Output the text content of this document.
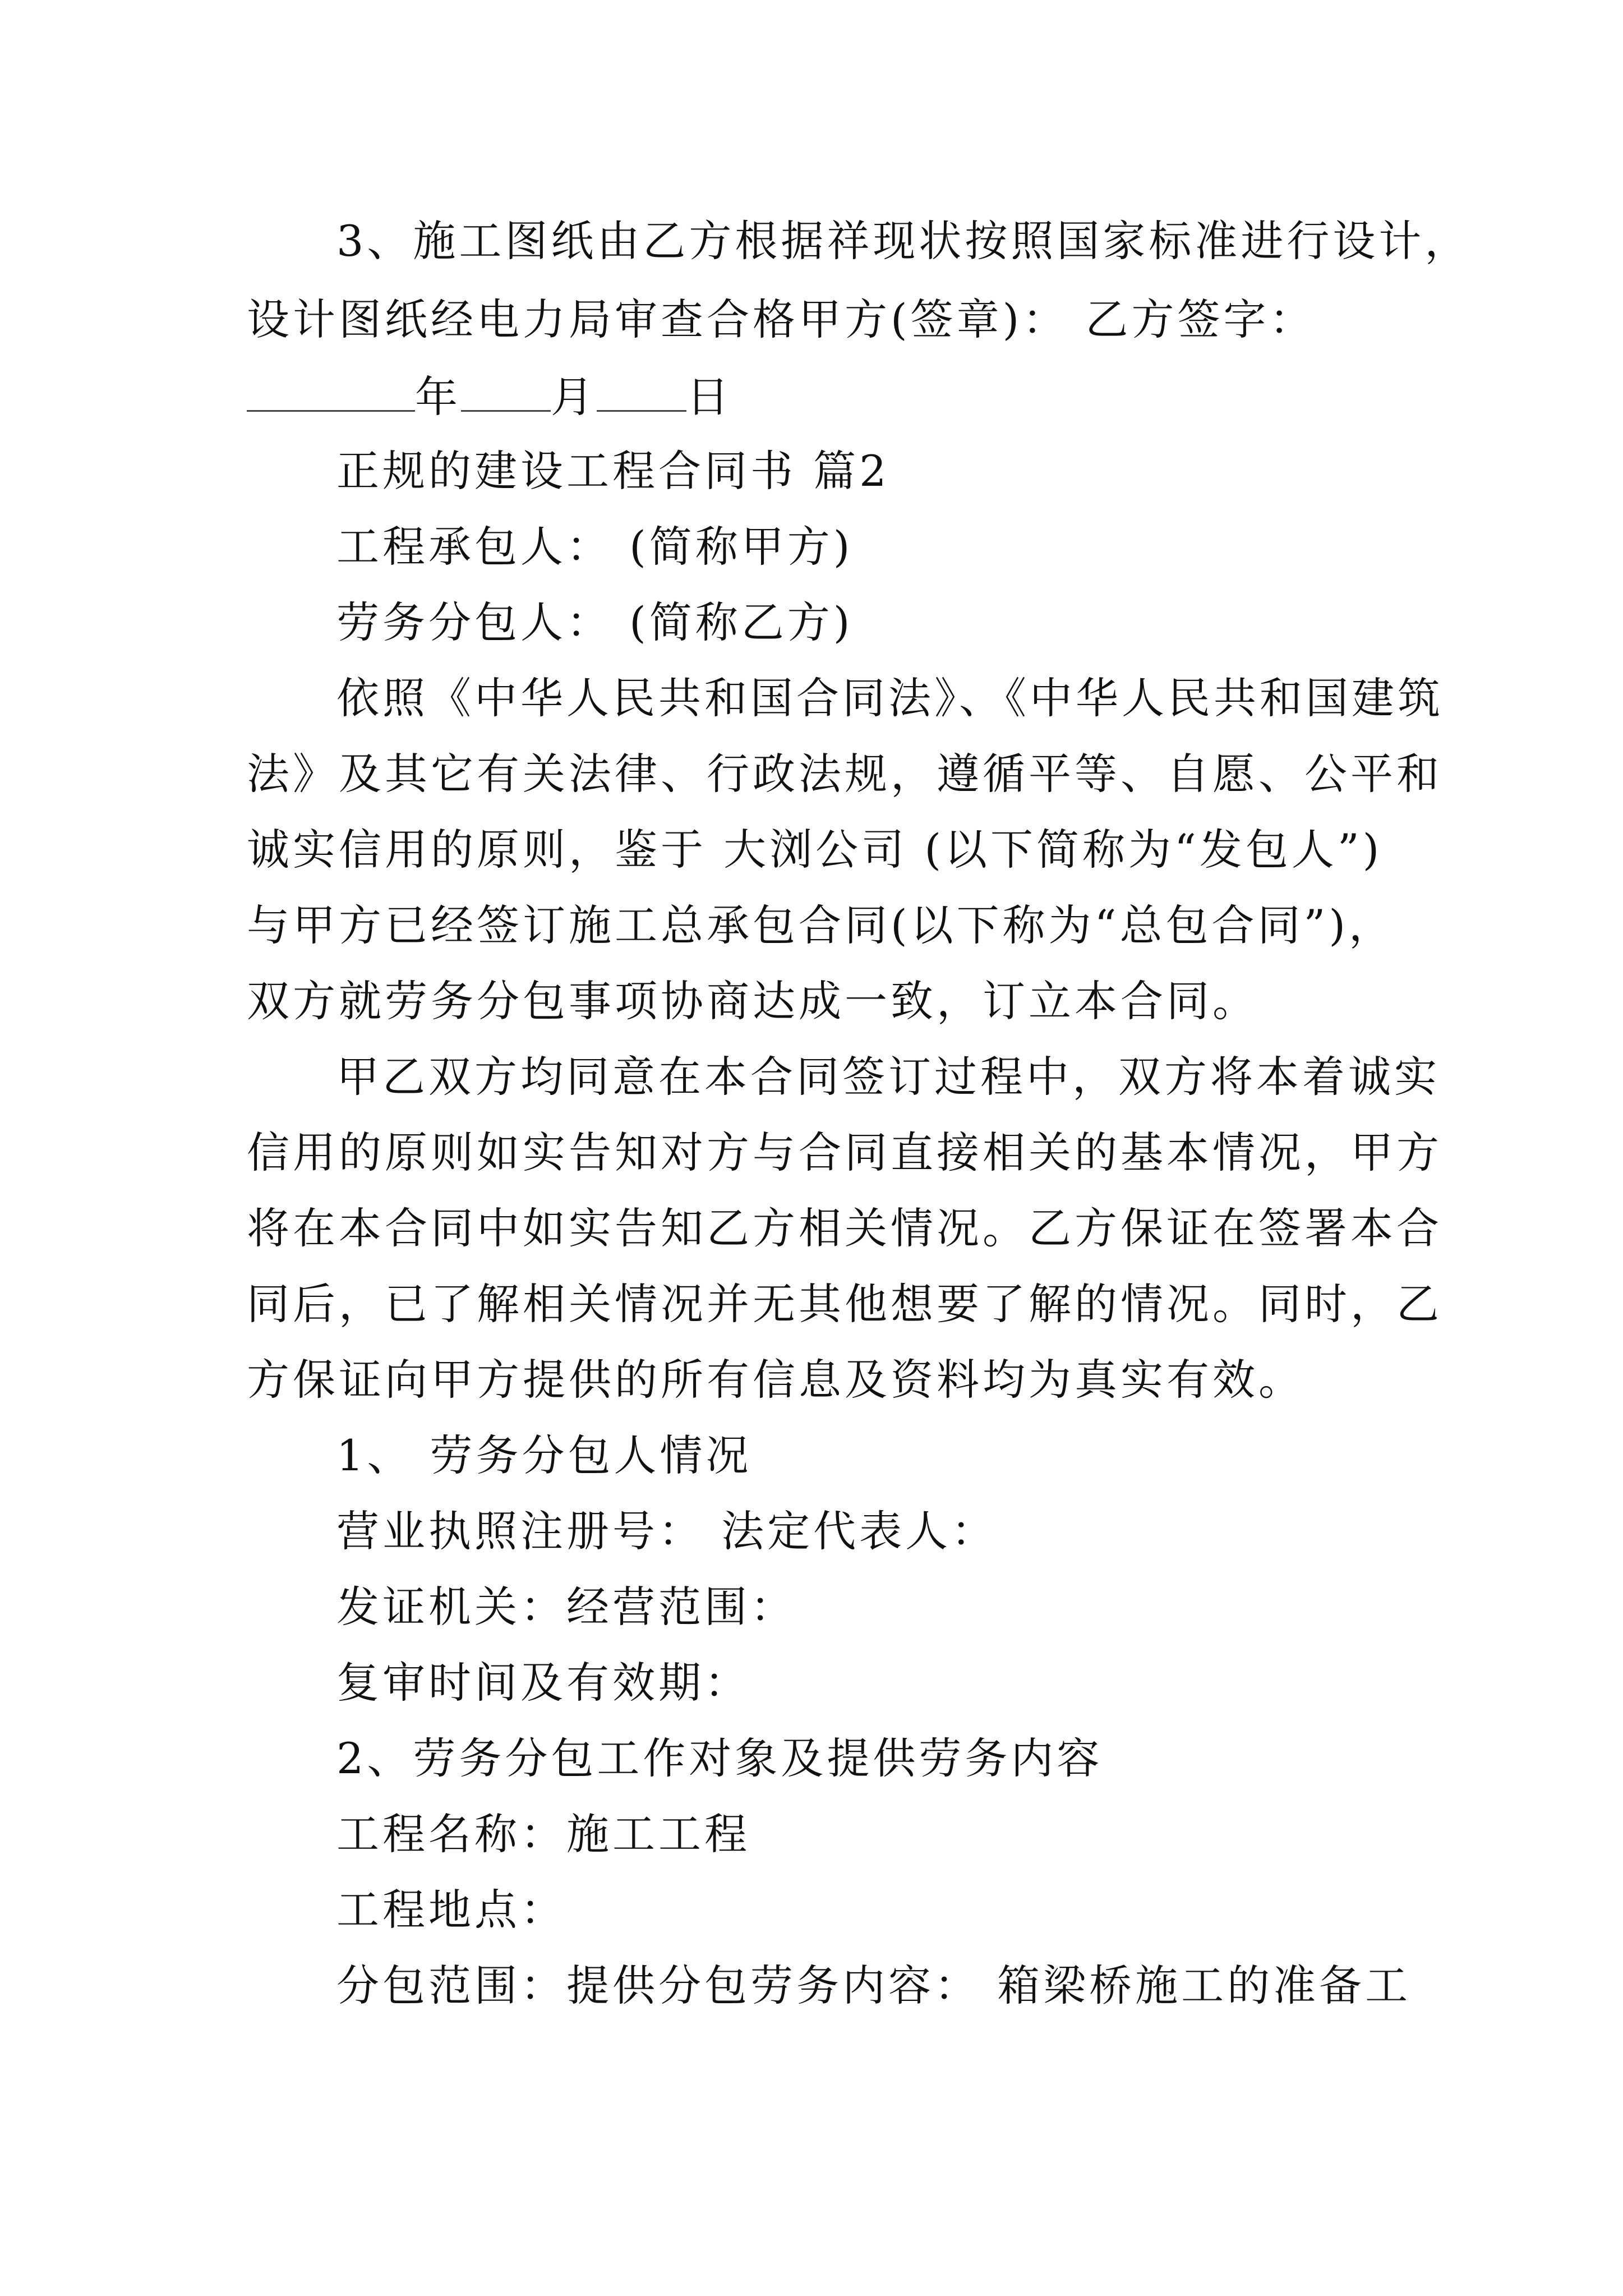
3、施工图纸由乙方根据祥现状按照国家标准进行设计，
设计图纸经电力局审查合格甲方(签章)： 乙方签字：
年 月 日
正规的建设工程合同书 篇2
工程承包人： (简称甲方)
劳务分包人： (简称乙方)
依照《中华人民共和国合同法》、《中华人民共和国建筑
法》及其它有关法律、行政法规，遵循平等、自愿、公平和
诚实信用的原则，鉴于 大浏公司 (以下简称为“发包人”)
与甲方已经签订施工总承包合同(以下称为“总包合同”)，
双方就劳务分包事项协商达成一致，订立本合同。
甲乙双方均同意在本合同签订过程中，双方将本着诚实
信用的原则如实告知对方与合同直接相关的基本情况，甲方
将在本合同中如实告知乙方相关情况。乙方保证在签署本合
同后，已了解相关情况并无其他想要了解的情况。同时，乙
方保证向甲方提供的所有信息及资料均为真实有效。
1、 劳务分包人情况
营业执照注册号： 法定代表人：
发证机关：经营范围：
复审时间及有效期：
2、劳务分包工作对象及提供劳务内容
工程名称：施工工程
工程地点：
分包范围：提供分包劳务内容： 箱梁桥施工的准备工
